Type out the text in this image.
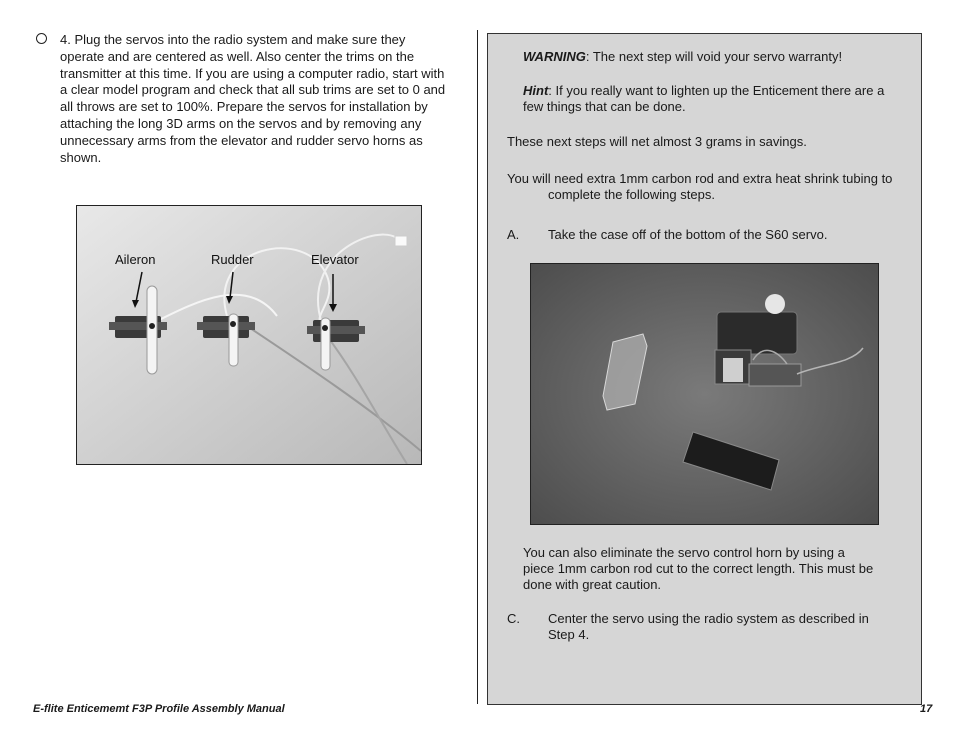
4. Plug the servos into the radio system and make sure they operate and are centered as well. Also center the trims on the transmitter at this time. If you are using a computer radio, start with a clear model program and check that all sub trims are set to 0 and all throws are set to 100%. Prepare the servos for installation by attaching the long 3D arms on the servos and by removing any unnecessary arms from the elevator and rudder servo horns as shown.
Aileron	Rudder	Elevator
WARNING: The next step will void your servo warranty!
Hint: If you really want to lighten up the Enticement there are a few things that can be done.
These next steps will net almost 3 grams in savings.
You will need extra 1mm carbon rod and extra heat shrink tubing to complete the following steps.
A. Take the case off of the bottom of the S60 servo.
You can also eliminate the servo control horn by using a piece 1mm carbon rod cut to the correct length. This must be done with great caution.
C. Center the servo using the radio system as described in Step 4.
E-flite Enticememt F3P Profile Assembly Manual	17
